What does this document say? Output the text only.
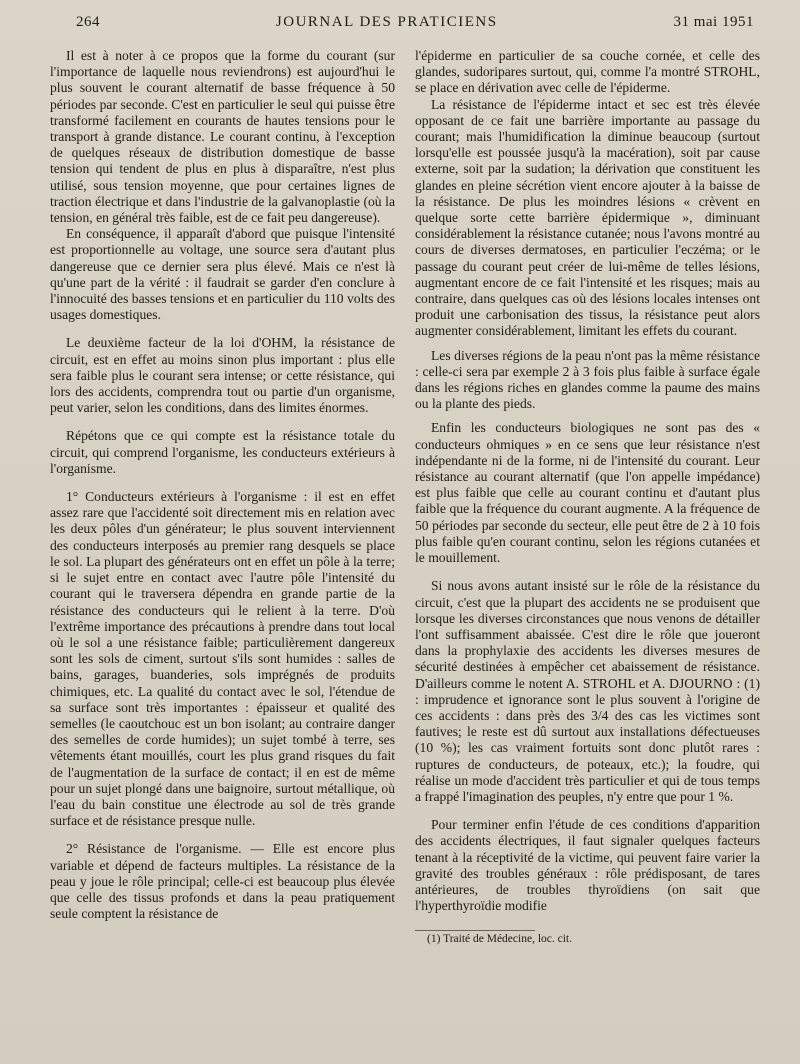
264	JOURNAL DES PRATICIENS	31 mai 1951

Il est à noter à ce propos que la forme du courant (sur l'importance de laquelle nous reviendrons) est aujourd'hui le plus souvent le courant alternatif de basse fréquence à 50 périodes par seconde. C'est en particulier le seul qui puisse être transformé facilement en courants de hautes tensions pour le transport à grande distance. Le courant continu, à l'exception de quelques réseaux de distribution domestique de basse tension qui tendent de plus en plus à disparaître, n'est plus utilisé, sous tension moyenne, que pour certaines lignes de traction électrique et dans l'industrie de la galvanoplastie (où la tension, en général très faible, est de ce fait peu dangereuse).

En conséquence, il apparaît d'abord que puisque l'intensité est proportionnelle au voltage, une source sera d'autant plus dangereuse que ce dernier sera plus élevé. Mais ce n'est là qu'une part de la vérité : il faudrait se garder d'en conclure à l'innocuité des basses tensions et en particulier du 110 volts des usages domestiques.

Le deuxième facteur de la loi d'OHM, la résistance de circuit, est en effet au moins sinon plus important : plus elle sera faible plus le courant sera intense; or cette résistance, qui lors des accidents, comprendra tout ou partie d'un organisme, peut varier, selon les conditions, dans des limites énormes.

Répétons que ce qui compte est la résistance totale du circuit, qui comprend l'organisme, les conducteurs extérieurs à l'organisme.

1° Conducteurs extérieurs à l'organisme : il est en effet assez rare que l'accidenté soit directement mis en relation avec les deux pôles d'un générateur; le plus souvent interviennent des conducteurs interposés au premier rang desquels se place le sol. La plupart des générateurs ont en effet un pôle à la terre; si le sujet entre en contact avec l'autre pôle l'intensité du courant qui le traversera dépendra en grande partie de la résistance des conducteurs qui le relient à la terre. D'où l'extrême importance des précautions à prendre dans tout local où le sol a une résistance faible; particulièrement dangereux sont les sols de ciment, surtout s'ils sont humides : salles de bains, garages, buanderies, sols imprégnés de produits chimiques, etc. La qualité du contact avec le sol, l'étendue de sa surface sont très importantes : épaisseur et qualité des semelles (le caoutchouc est un bon isolant; au contraire danger des semelles de corde humides); un sujet tombé à terre, ses vêtements étant mouillés, court les plus grand risques du fait de l'augmentation de la surface de contact; il en est de même pour un sujet plongé dans une baignoire, surtout métallique, où l'eau du bain constitue une électrode au sol de très grande surface et de résistance presque nulle.

2° Résistance de l'organisme. — Elle est encore plus variable et dépend de facteurs multiples. La résistance de la peau y joue le rôle principal; celle-ci est beaucoup plus élevée que celle des tissus profonds et dans la peau pratiquement seule comptent la résistance de

l'épiderme en particulier de sa couche cornée, et celle des glandes, sudoripares surtout, qui, comme l'a montré STROHL, se place en dérivation avec celle de l'épiderme.

La résistance de l'épiderme intact et sec est très élevée opposant de ce fait une barrière importante au passage du courant; mais l'humidification la diminue beaucoup (surtout lorsqu'elle est poussée jusqu'à la macération), soit par cause externe, soit par la sudation; la dérivation que constituent les glandes en pleine sécrétion vient encore ajouter à la baisse de la résistance. De plus les moindres lésions « crèvent en quelque sorte cette barrière épidermique », diminuant considérablement la résistance cutanée; nous l'avons montré au cours de diverses dermatoses, en particulier l'eczéma; or le passage du courant peut créer de lui-même de telles lésions, augmentant encore de ce fait l'intensité et les risques; mais au contraire, dans quelques cas où des lésions locales intenses ont produit une carbonisation des tissus, la résistance peut alors augmenter considérablement, limitant les effets du courant.

Les diverses régions de la peau n'ont pas la même résistance : celle-ci sera par exemple 2 à 3 fois plus faible à surface égale dans les régions riches en glandes comme la paume des mains ou la plante des pieds.

Enfin les conducteurs biologiques ne sont pas des « conducteurs ohmiques » en ce sens que leur résistance n'est indépendante ni de la forme, ni de l'intensité du courant. Leur résistance au courant alternatif (que l'on appelle impédance) est plus faible que celle au courant continu et d'autant plus faible que la fréquence du courant augmente. A la fréquence de 50 périodes par seconde du secteur, elle peut être de 2 à 10 fois plus faible qu'en courant continu, selon les régions cutanées et le mouillement.

Si nous avons autant insisté sur le rôle de la résistance du circuit, c'est que la plupart des accidents ne se produisent que lorsque les diverses circonstances que nous venons de détailler l'ont suffisamment abaissée. C'est dire le rôle que joueront dans la prophylaxie des accidents les diverses mesures de sécurité destinées à empêcher cet abaissement de résistance. D'ailleurs comme le notent A. STROHL et A. DJOURNO : (1) : imprudence et ignorance sont le plus souvent à l'origine de ces accidents : dans près des 3/4 des cas les victimes sont fautives; le reste est dû surtout aux installations défectueuses (10 %); les cas vraiment fortuits sont donc plutôt rares : ruptures de conducteurs, de poteaux, etc.); la foudre, qui réalise un mode d'accident très particulier et qui de tous temps a frappé l'imagination des peuples, n'y entre que pour 1 %.

Pour terminer enfin l'étude de ces conditions d'apparition des accidents électriques, il faut signaler quelques facteurs tenant à la réceptivité de la victime, qui peuvent faire varier la gravité des troubles généraux : rôle prédisposant, de tares antérieures, de troubles thyroïdiens (on sait que l'hyperthyroïdie modifie

(1) Traité de Médecine, loc. cit.
